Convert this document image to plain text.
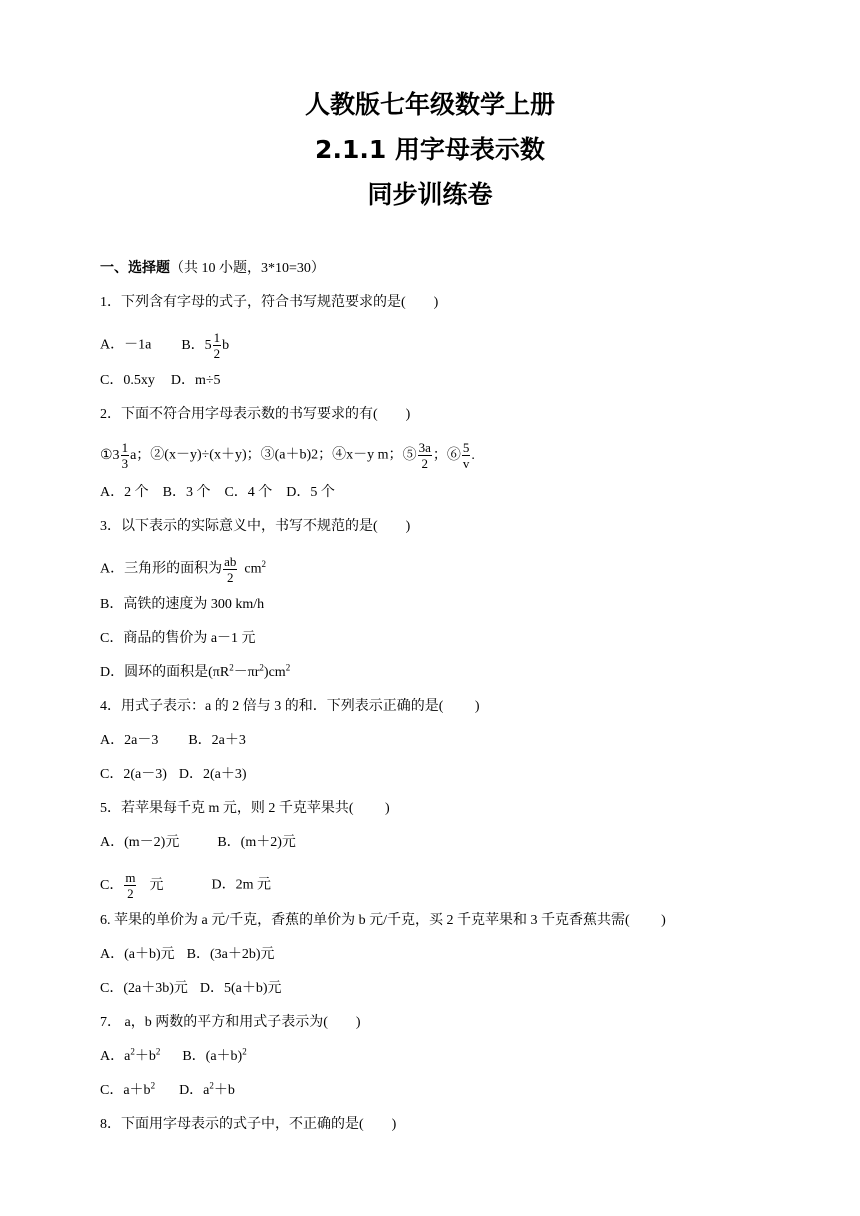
人教版七年级数学上册
2.1.1 用字母表示数
同步训练卷
一、选择题（共 10 小题，3*10=30）
1．下列含有字母的式子，符合书写规范要求的是(　　)
A．－1a B．$5 \frac{1}{2}$ b
C．0.5xy D．m÷5
2．下面不符合用字母表示数的书写要求的有(　　)
①3 $\frac{1}{3}$ a；②(x－y)÷(x＋y)；③(a＋b)2；④x－y m；⑤ $\frac{3a}{2}$ ；⑥ $\frac{5}{v}$ .
A．2 个　B．3 个　C．4 个　D．5 个
3．以下表示的实际意义中，书写不规范的是(　　)
A．三角形的面积为 $\frac{ab}{2} cm^2$
B．高铁的速度为 300 km/h
C．商品的售价为 a－1 元
D．圆环的面积是$(\pi R^2-\pi r^2)cm^2$
4．用式子表示：a 的 2 倍与 3 的和．下列表示正确的是(　　 )
A．2a－3 B．2a＋3
C．2(a－3) D．2(a＋3)
5．若苹果每千克 m 元，则 2 千克苹果共(　　 )
A．(m－2)元	B．(m＋2)元
C． $\frac{m}{2}$ 元	D．2m 元
6. 苹果的单价为 a 元/千克，香蕉的单价为 b 元/千克，买 2 千克苹果和 3 千克香蕉共需(　　 )
A．(a＋b)元 B．(3a＋2b)元
C．(2a＋3b)元 D．5(a＋b)元
7． a，b 两数的平方和用式子表示为(　　)
A．$a^2+b^2$ B．$(a+b)^2$
C．$a+b^2$ D．$a^2+b$
8．下面用字母表示的式子中，不正确的是(　　)
